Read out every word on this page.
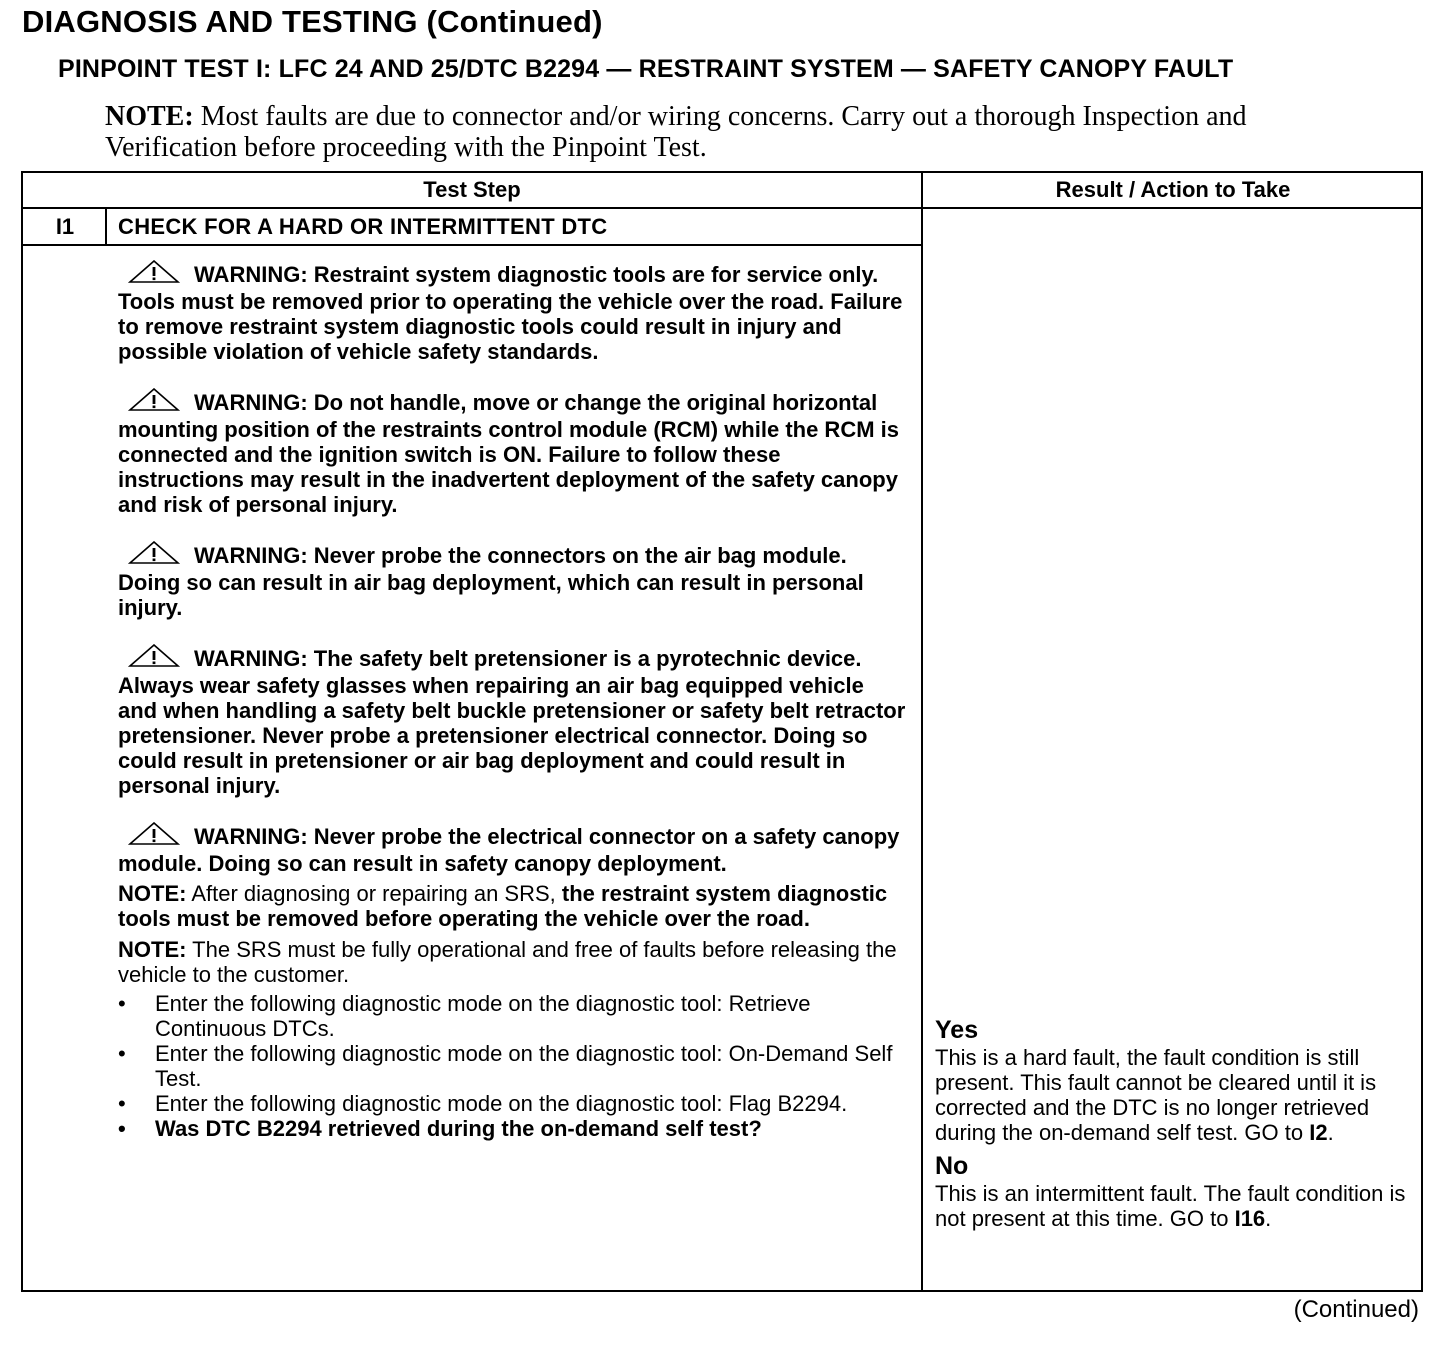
DIAGNOSIS AND TESTING (Continued)
PINPOINT TEST I: LFC 24 AND 25/DTC B2294 — RESTRAINT SYSTEM — SAFETY CANOPY FAULT
NOTE: Most faults are due to connector and/or wiring concerns. Carry out a thorough Inspection and Verification before proceeding with the Pinpoint Test.
Test Step	Result / Action to Take
I1	CHECK FOR A HARD OR INTERMITTENT DTC
WARNING: Restraint system diagnostic tools are for service only. Tools must be removed prior to operating the vehicle over the road. Failure to remove restraint system diagnostic tools could result in injury and possible violation of vehicle safety standards.
WARNING: Do not handle, move or change the original horizontal mounting position of the restraints control module (RCM) while the RCM is connected and the ignition switch is ON. Failure to follow these instructions may result in the inadvertent deployment of the safety canopy and risk of personal injury.
WARNING: Never probe the connectors on the air bag module. Doing so can result in air bag deployment, which can result in personal injury.
WARNING: The safety belt pretensioner is a pyrotechnic device. Always wear safety glasses when repairing an air bag equipped vehicle and when handling a safety belt buckle pretensioner or safety belt retractor pretensioner. Never probe a pretensioner electrical connector. Doing so could result in pretensioner or air bag deployment and could result in personal injury.
WARNING: Never probe the electrical connector on a safety canopy module. Doing so can result in safety canopy deployment.
NOTE: After diagnosing or repairing an SRS, the restraint system diagnostic tools must be removed before operating the vehicle over the road.
NOTE: The SRS must be fully operational and free of faults before releasing the vehicle to the customer.
• Enter the following diagnostic mode on the diagnostic tool: Retrieve Continuous DTCs.
• Enter the following diagnostic mode on the diagnostic tool: On-Demand Self Test.
• Enter the following diagnostic mode on the diagnostic tool: Flag B2294.
• Was DTC B2294 retrieved during the on-demand self test?
Yes

This is a hard fault, the fault condition is still present. This fault cannot be cleared until it is corrected and the DTC is no longer retrieved during the on-demand self test. GO to I2.

No

This is an intermittent fault. The fault condition is not present at this time. GO to I16.

(Continued)
